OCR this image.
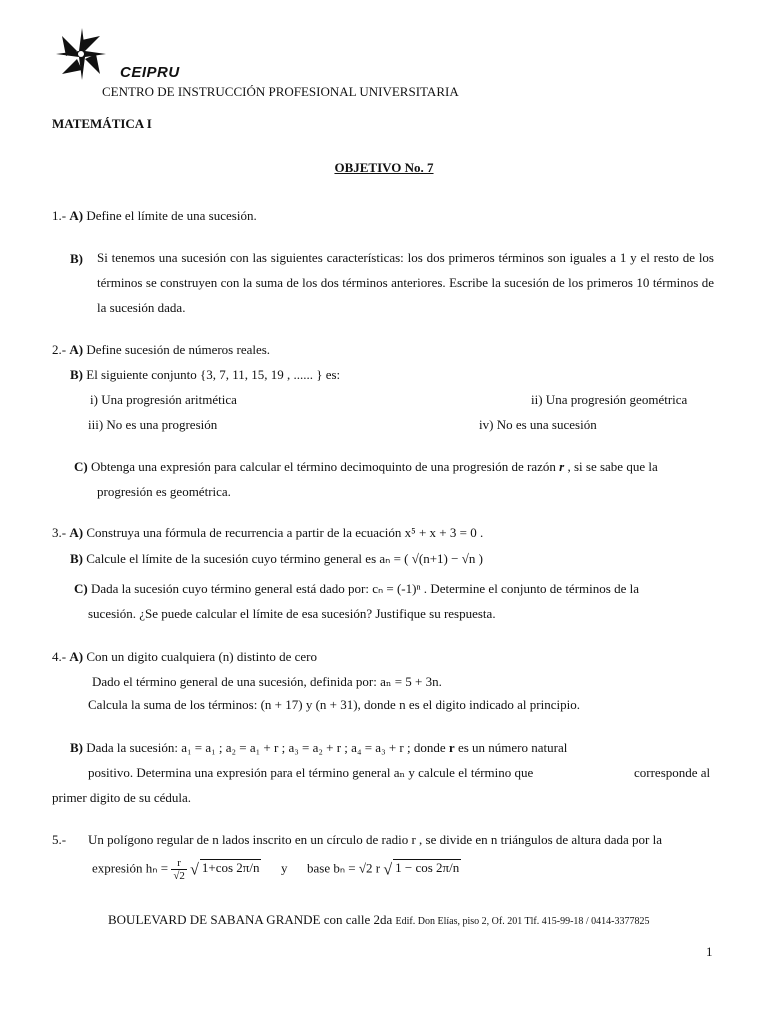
CEIPRU
CENTRO DE INSTRUCCIÓN PROFESIONAL UNIVERSITARIA
MATEMÁTICA I
OBJETIVO No. 7
1.- A) Define el límite de una sucesión.
B) Si tenemos una sucesión con las siguientes características: los dos primeros términos son iguales a 1 y el resto de los términos se construyen con la suma de los dos términos anteriores. Escribe la sucesión de los primeros 10 términos de la sucesión dada.
2.- A) Define sucesión de números reales.
B) El siguiente conjunto {3, 7, 11, 15, 19 , ...... } es:
i) Una progresión aritmética	ii) Una progresión geométrica
iii) No es una progresión	iv) No es una sucesión
C) Obtenga una expresión para calcular el término decimoquinto de una progresión de razón r , si se sabe que la
progresión es geométrica.
3.- A) Construya una fórmula de recurrencia a partir de la ecuación x⁵ + x + 3 = 0 .
B) Calcule el límite de la sucesión cuyo término general es aₙ = ( √(n+1) − √n )
C) Dada la sucesión cuyo término general está dado por: cₙ = (-1)ⁿ . Determine el conjunto de términos de la
sucesión. ¿Se puede calcular el límite de esa sucesión? Justifique su respuesta.
4.- A) Con un digito cualquiera (n) distinto de cero
Dado el término general de una sucesión, definida por: aₙ = 5 + 3n.
Calcula la suma de los términos: (n + 17) y (n + 31), donde n es el digito indicado al principio.
B) Dada la sucesión: a₁ = a₁ ; a₂ = a₁ + r ; a₃ = a₂ + r ; a₄ = a₃ + r ; donde r es un número natural
positivo. Determina una expresión para el término general aₙ y calcule el término que	corresponde al
primer digito de su cédula.
5.- Un polígono regular de n lados inscrito en un círculo de radio r , se divide en n triángulos de altura dada por la
expresión $h_n = \frac{r}{√2}$ √ 1+cos 2π/n y base bₙ = √2 r √ 1 − cos 2π/n
BOULEVARD DE SABANA GRANDE con calle 2da Edif. Don Elías, piso 2, Of. 201 Tlf. 415-99-18 / 0414-3377825
1
